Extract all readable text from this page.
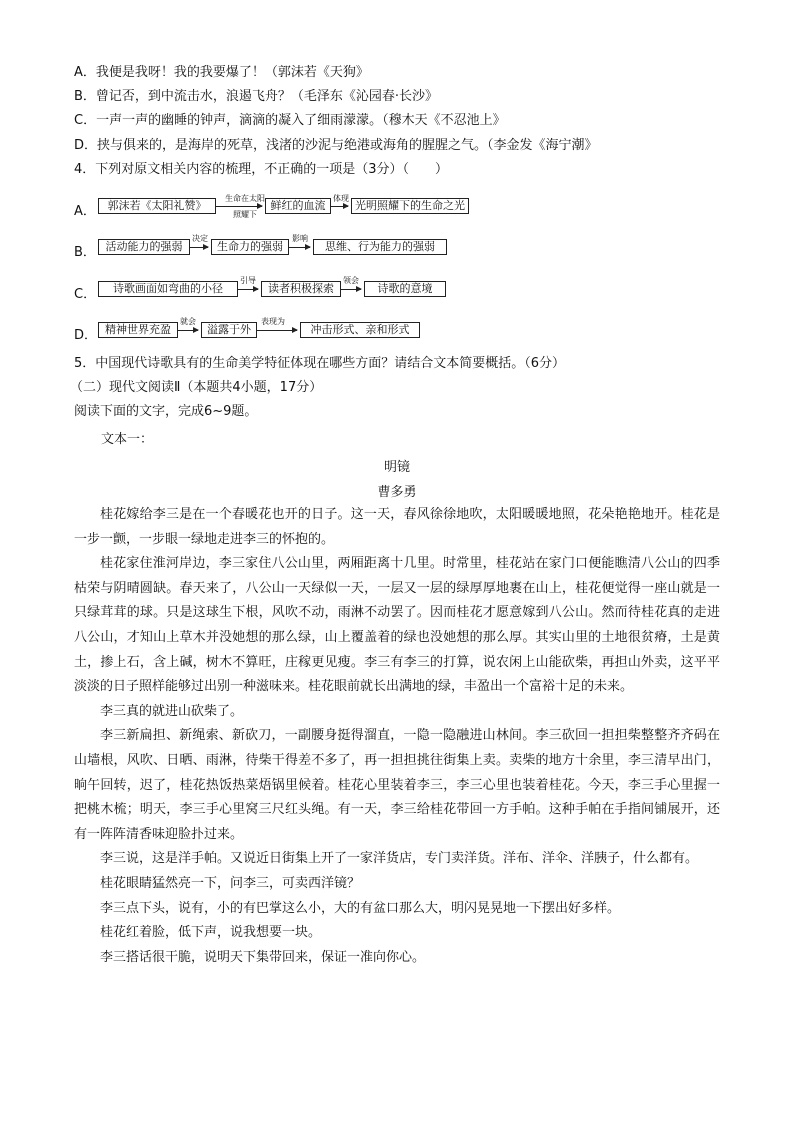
A．我便是我呀！我的我要爆了！（郭沫若《天狗》
B．曾记否，到中流击水，浪遏飞舟？（毛泽东《沁园春·长沙》
C．一声一声的幽睡的钟声，滴滴的凝入了细雨濛濛。（穆木天《不忍池上》
D．挟与俱来的，是海岸的死草，浅渚的沙泥与绝港或海角的腥腥之气。（李金发《海宁潮》
4．下列对原文相关内容的梳理，不正确的一项是（3分）（　　）
A．	郭沫若《太阳礼赞》
生命在太阳
照耀下
鲜红的血流
体现
光明照耀下的生命之光
B． 活动能力的强弱
决定
生命力的强弱
影响
思维、行为能力的强弱
C．	诗歌画面如弯曲的小径
引导
读者积极探索
领会
诗歌的意境
D． 精神世界充盈
就会
溢露于外
表现为
冲击形式、亲和形式
5．中国现代诗歌具有的生命美学特征体现在哪些方面？请结合文本简要概括。（6分）
（二）现代文阅读Ⅱ（本题共4小题，17分）
阅读下面的文字，完成6~9题。
文本一：
明镜
曹多勇
桂花嫁给李三是在一个春暖花也开的日子。这一天，春风徐徐地吹，太阳暖暖地照，花朵艳艳地开。桂花是一步一颤，一步眼一绿地走进李三的怀抱的。
桂花家住淮河岸边，李三家住八公山里，两厢距离十几里。时常里，桂花站在家门口便能瞧清八公山的四季枯荣与阴晴圆缺。春天来了，八公山一天绿似一天，一层又一层的绿厚厚地裹在山上，桂花便觉得一座山就是一只绿茸茸的球。只是这球生下根，风吹不动，雨淋不动罢了。因而桂花才愿意嫁到八公山。然而待桂花真的走进八公山，才知山上草木并没她想的那么绿，山上覆盖着的绿也没她想的那么厚。其实山里的土地很贫瘠，土是黄土，掺上石，含上碱，树木不算旺，庄稼更见瘦。李三有李三的打算，说农闲上山能砍柴，再担山外卖，这平平淡淡的日子照样能够过出别一种滋味来。桂花眼前就长出满地的绿，丰盈出一个富裕十足的未来。
李三真的就进山砍柴了。
李三新扁担、新绳索、新砍刀，一副腰身挺得溜直，一隐一隐融进山林间。李三砍回一担担柴整整齐齐码在山墙根，风吹、日晒、雨淋，待柴干得差不多了，再一担担挑往街集上卖。卖柴的地方十余里，李三清早出门，晌午回转，迟了，桂花热饭热菜焐锅里候着。桂花心里装着李三，李三心里也装着桂花。今天，李三手心里握一把桃木梳；明天，李三手心里窝三尺红头绳。有一天，李三给桂花带回一方手帕。这种手帕在手指间铺展开，还有一阵阵清香味迎脸扑过来。
李三说，这是洋手帕。又说近日街集上开了一家洋货店，专门卖洋货。洋布、洋伞、洋胰子，什么都有。
桂花眼睛猛然亮一下，问李三，可卖西洋镜？
李三点下头，说有，小的有巴掌这么小，大的有盆口那么大，明闪晃晃地一下摆出好多样。
桂花红着脸，低下声，说我想要一块。
李三搭话很干脆，说明天下集带回来，保证一准向你心。
